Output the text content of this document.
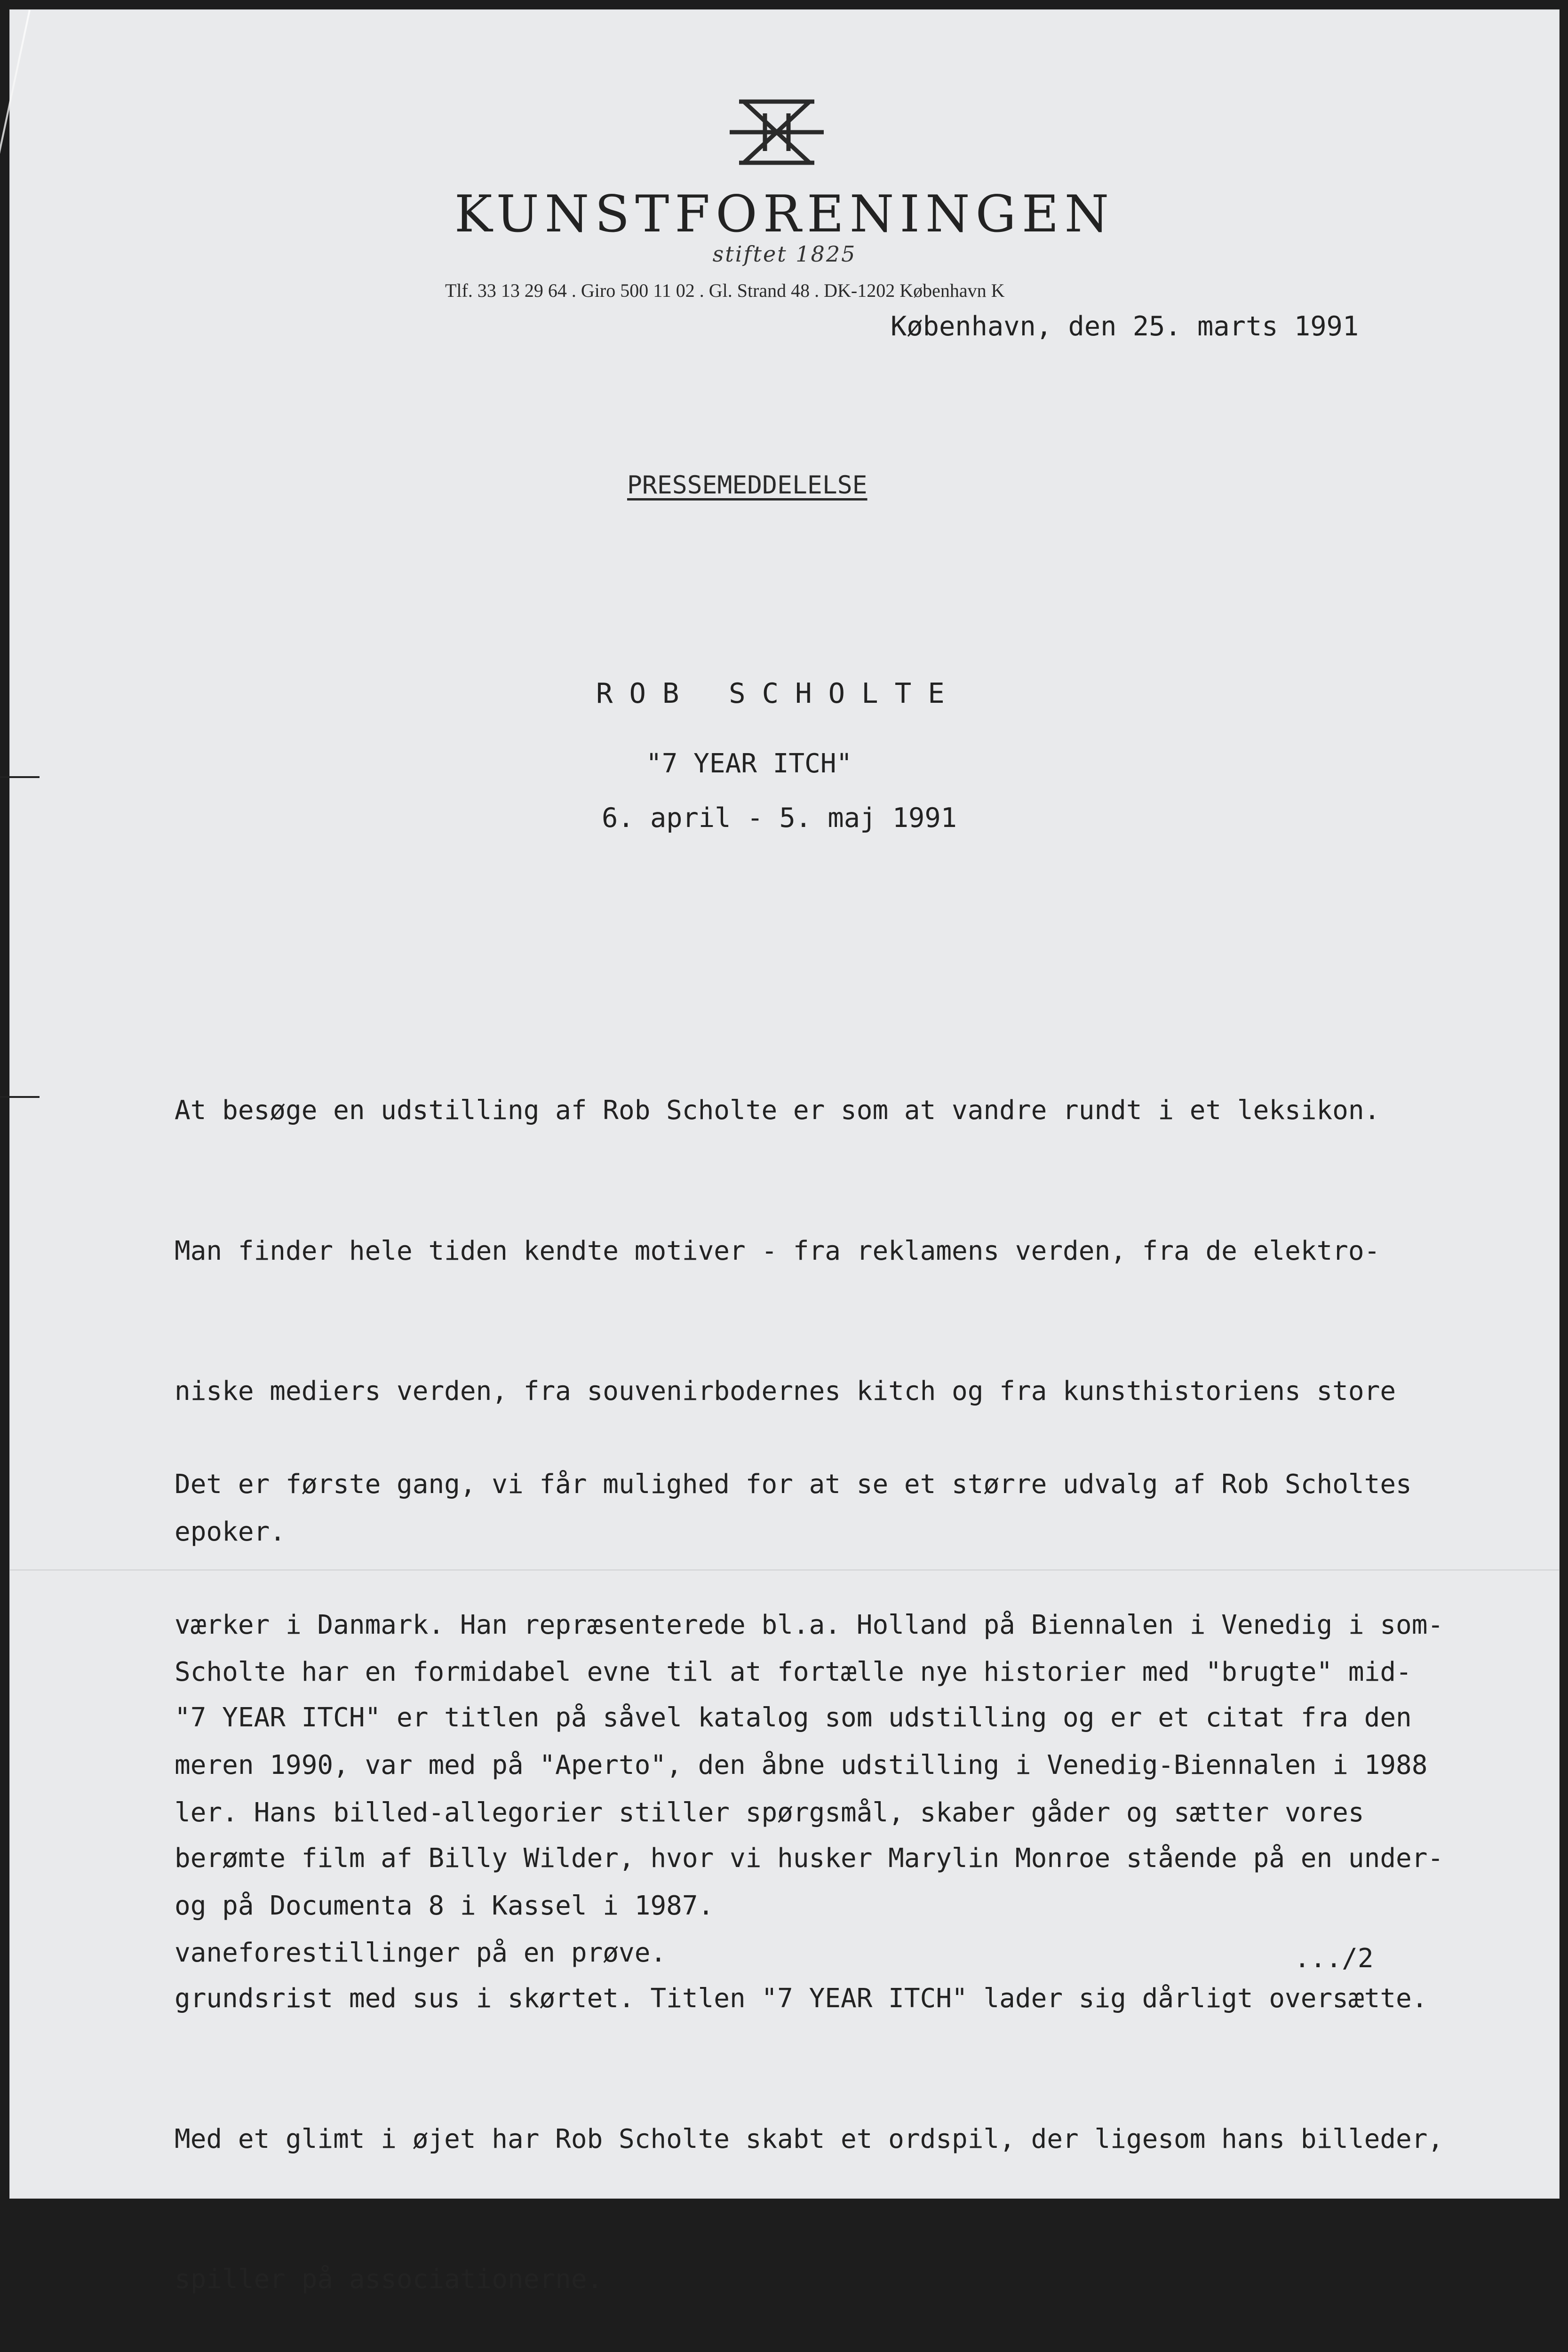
KUNSTFORENINGEN
stiftet 1825
Tlf. 33 13 29 64 . Giro 500 11 02 . Gl. Strand 48 . DK-1202 København K
København, den 25. marts 1991
PRESSEMEDDELELSE
ROB SCHOLTE
"7 YEAR ITCH"
6. april - 5. maj 1991

At besøge en udstilling af Rob Scholte er som at vandre rundt i et leksikon.

Man finder hele tiden kendte motiver - fra reklamens verden, fra de elektro-

niske mediers verden, fra souvenirbodernes kitch og fra kunsthistoriens store

epoker.

Scholte har en formidabel evne til at fortælle nye historier med "brugte" mid-

ler. Hans billed-allegorier stiller spørgsmål, skaber gåder og sætter vores

vaneforestillinger på en prøve.

Det er første gang, vi får mulighed for at se et større udvalg af Rob Scholtes

værker i Danmark. Han repræsenterede bl.a. Holland på Biennalen i Venedig i som-

meren 1990, var med på "Aperto", den åbne udstilling i Venedig-Biennalen i 1988

og på Documenta 8 i Kassel i 1987.

"7 YEAR ITCH" er titlen på såvel katalog som udstilling og er et citat fra den

berømte film af Billy Wilder, hvor vi husker Marylin Monroe stående på en under-

grundsrist med sus i skørtet. Titlen "7 YEAR ITCH" lader sig dårligt oversætte.

Med et glimt i øjet har Rob Scholte skabt et ordspil, der ligesom hans billeder,

spiller på associationerne.

.../2
